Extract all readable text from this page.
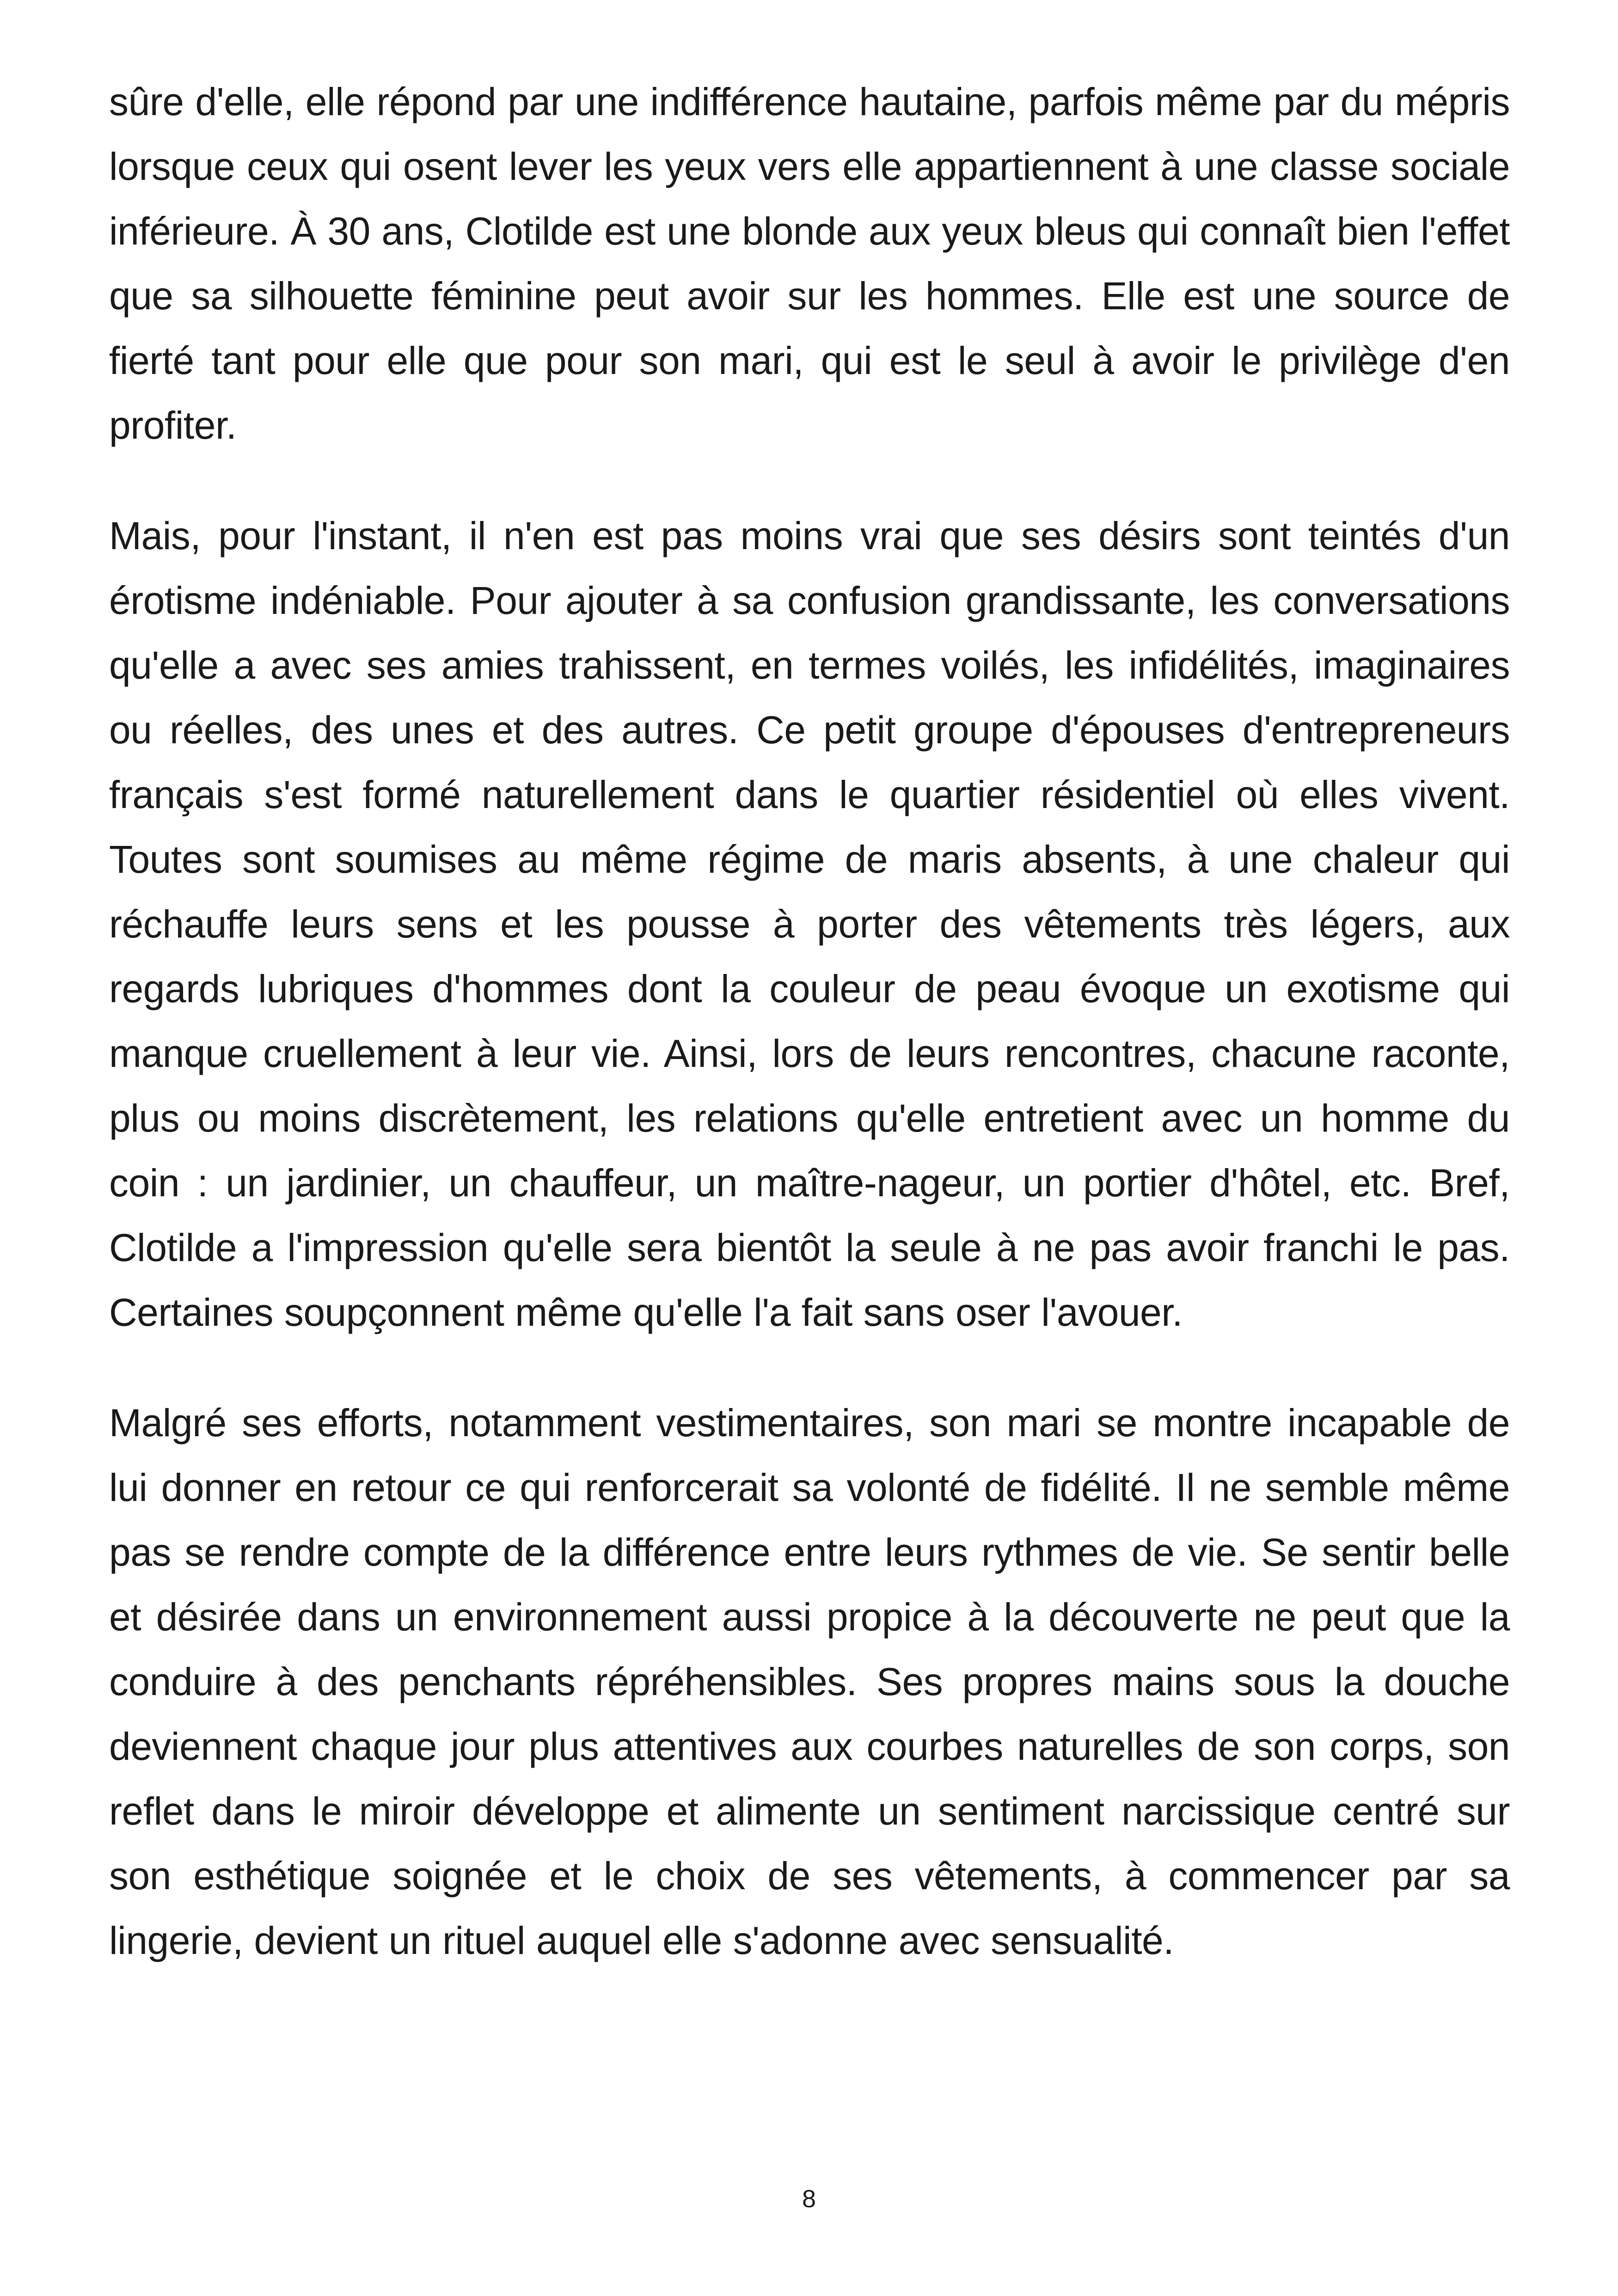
sûre d'elle, elle répond par une indifférence hautaine, parfois même par du mépris lorsque ceux qui osent lever les yeux vers elle appartiennent à une classe sociale inférieure. À 30 ans, Clotilde est une blonde aux yeux bleus qui connaît bien l'effet que sa silhouette féminine peut avoir sur les hommes. Elle est une source de fierté tant pour elle que pour son mari, qui est le seul à avoir le privilège d'en profiter.

Mais, pour l'instant, il n'en est pas moins vrai que ses désirs sont teintés d'un érotisme indéniable. Pour ajouter à sa confusion grandissante, les conversations qu'elle a avec ses amies trahissent, en termes voilés, les infidélités, imaginaires ou réelles, des unes et des autres. Ce petit groupe d'épouses d'entrepreneurs français s'est formé naturellement dans le quartier résidentiel où elles vivent. Toutes sont soumises au même régime de maris absents, à une chaleur qui réchauffe leurs sens et les pousse à porter des vêtements très légers, aux regards lubriques d'hommes dont la couleur de peau évoque un exotisme qui manque cruellement à leur vie. Ainsi, lors de leurs rencontres, chacune raconte, plus ou moins discrètement, les relations qu'elle entretient avec un homme du coin : un jardinier, un chauffeur, un maître-nageur, un portier d'hôtel, etc. Bref, Clotilde a l'impression qu'elle sera bientôt la seule à ne pas avoir franchi le pas. Certaines soupçonnent même qu'elle l'a fait sans oser l'avouer.

Malgré ses efforts, notamment vestimentaires, son mari se montre incapable de lui donner en retour ce qui renforcerait sa volonté de fidélité. Il ne semble même pas se rendre compte de la différence entre leurs rythmes de vie. Se sentir belle et désirée dans un environnement aussi propice à la découverte ne peut que la conduire à des penchants répréhensibles. Ses propres mains sous la douche deviennent chaque jour plus attentives aux courbes naturelles de son corps, son reflet dans le miroir développe et alimente un sentiment narcissique centré sur son esthétique soignée et le choix de ses vêtements, à commencer par sa lingerie, devient un rituel auquel elle s'adonne avec sensualité.

8
